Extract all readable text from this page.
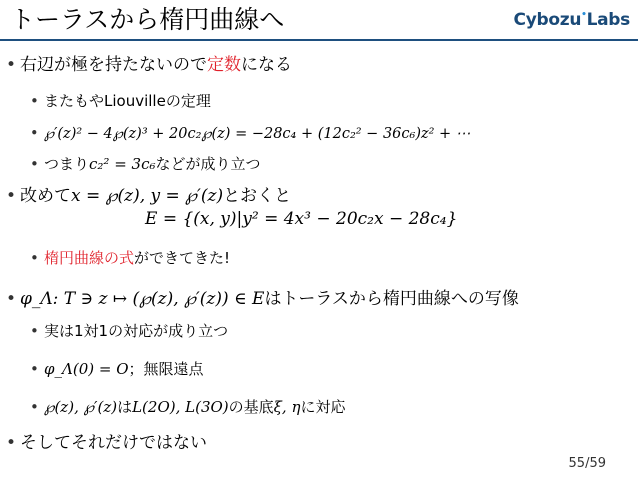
トーラスから楕円曲線へ	Cybozu•Labs
• 右辺が極を持たないので定数になる
• またもやLiouvilleの定理
• ℘′(z)² − 4℘(z)³ + 20c₂℘(z) = −28c₄ + (12c₂² − 36c₆)z² + ⋯
• つまりc₂² = 3c₆などが成り立つ
• 改めてx = ℘(z), y = ℘′(z)とおくと
E = {(x, y)|y² = 4x³ − 20c₂x − 28c₄}
• 楕円曲線の式ができてきた!
• φ_Λ: T ∋ z ↦ (℘(z), ℘′(z)) ∈ Eはトーラスから楕円曲線への写像
• 実は1対1の対応が成り立つ
• φ_Λ(0) = O；無限遠点
• ℘(z), ℘′(z)はL(2O), L(3O)の基底ξ, ηに対応
• そしてそれだけではない
55/59
